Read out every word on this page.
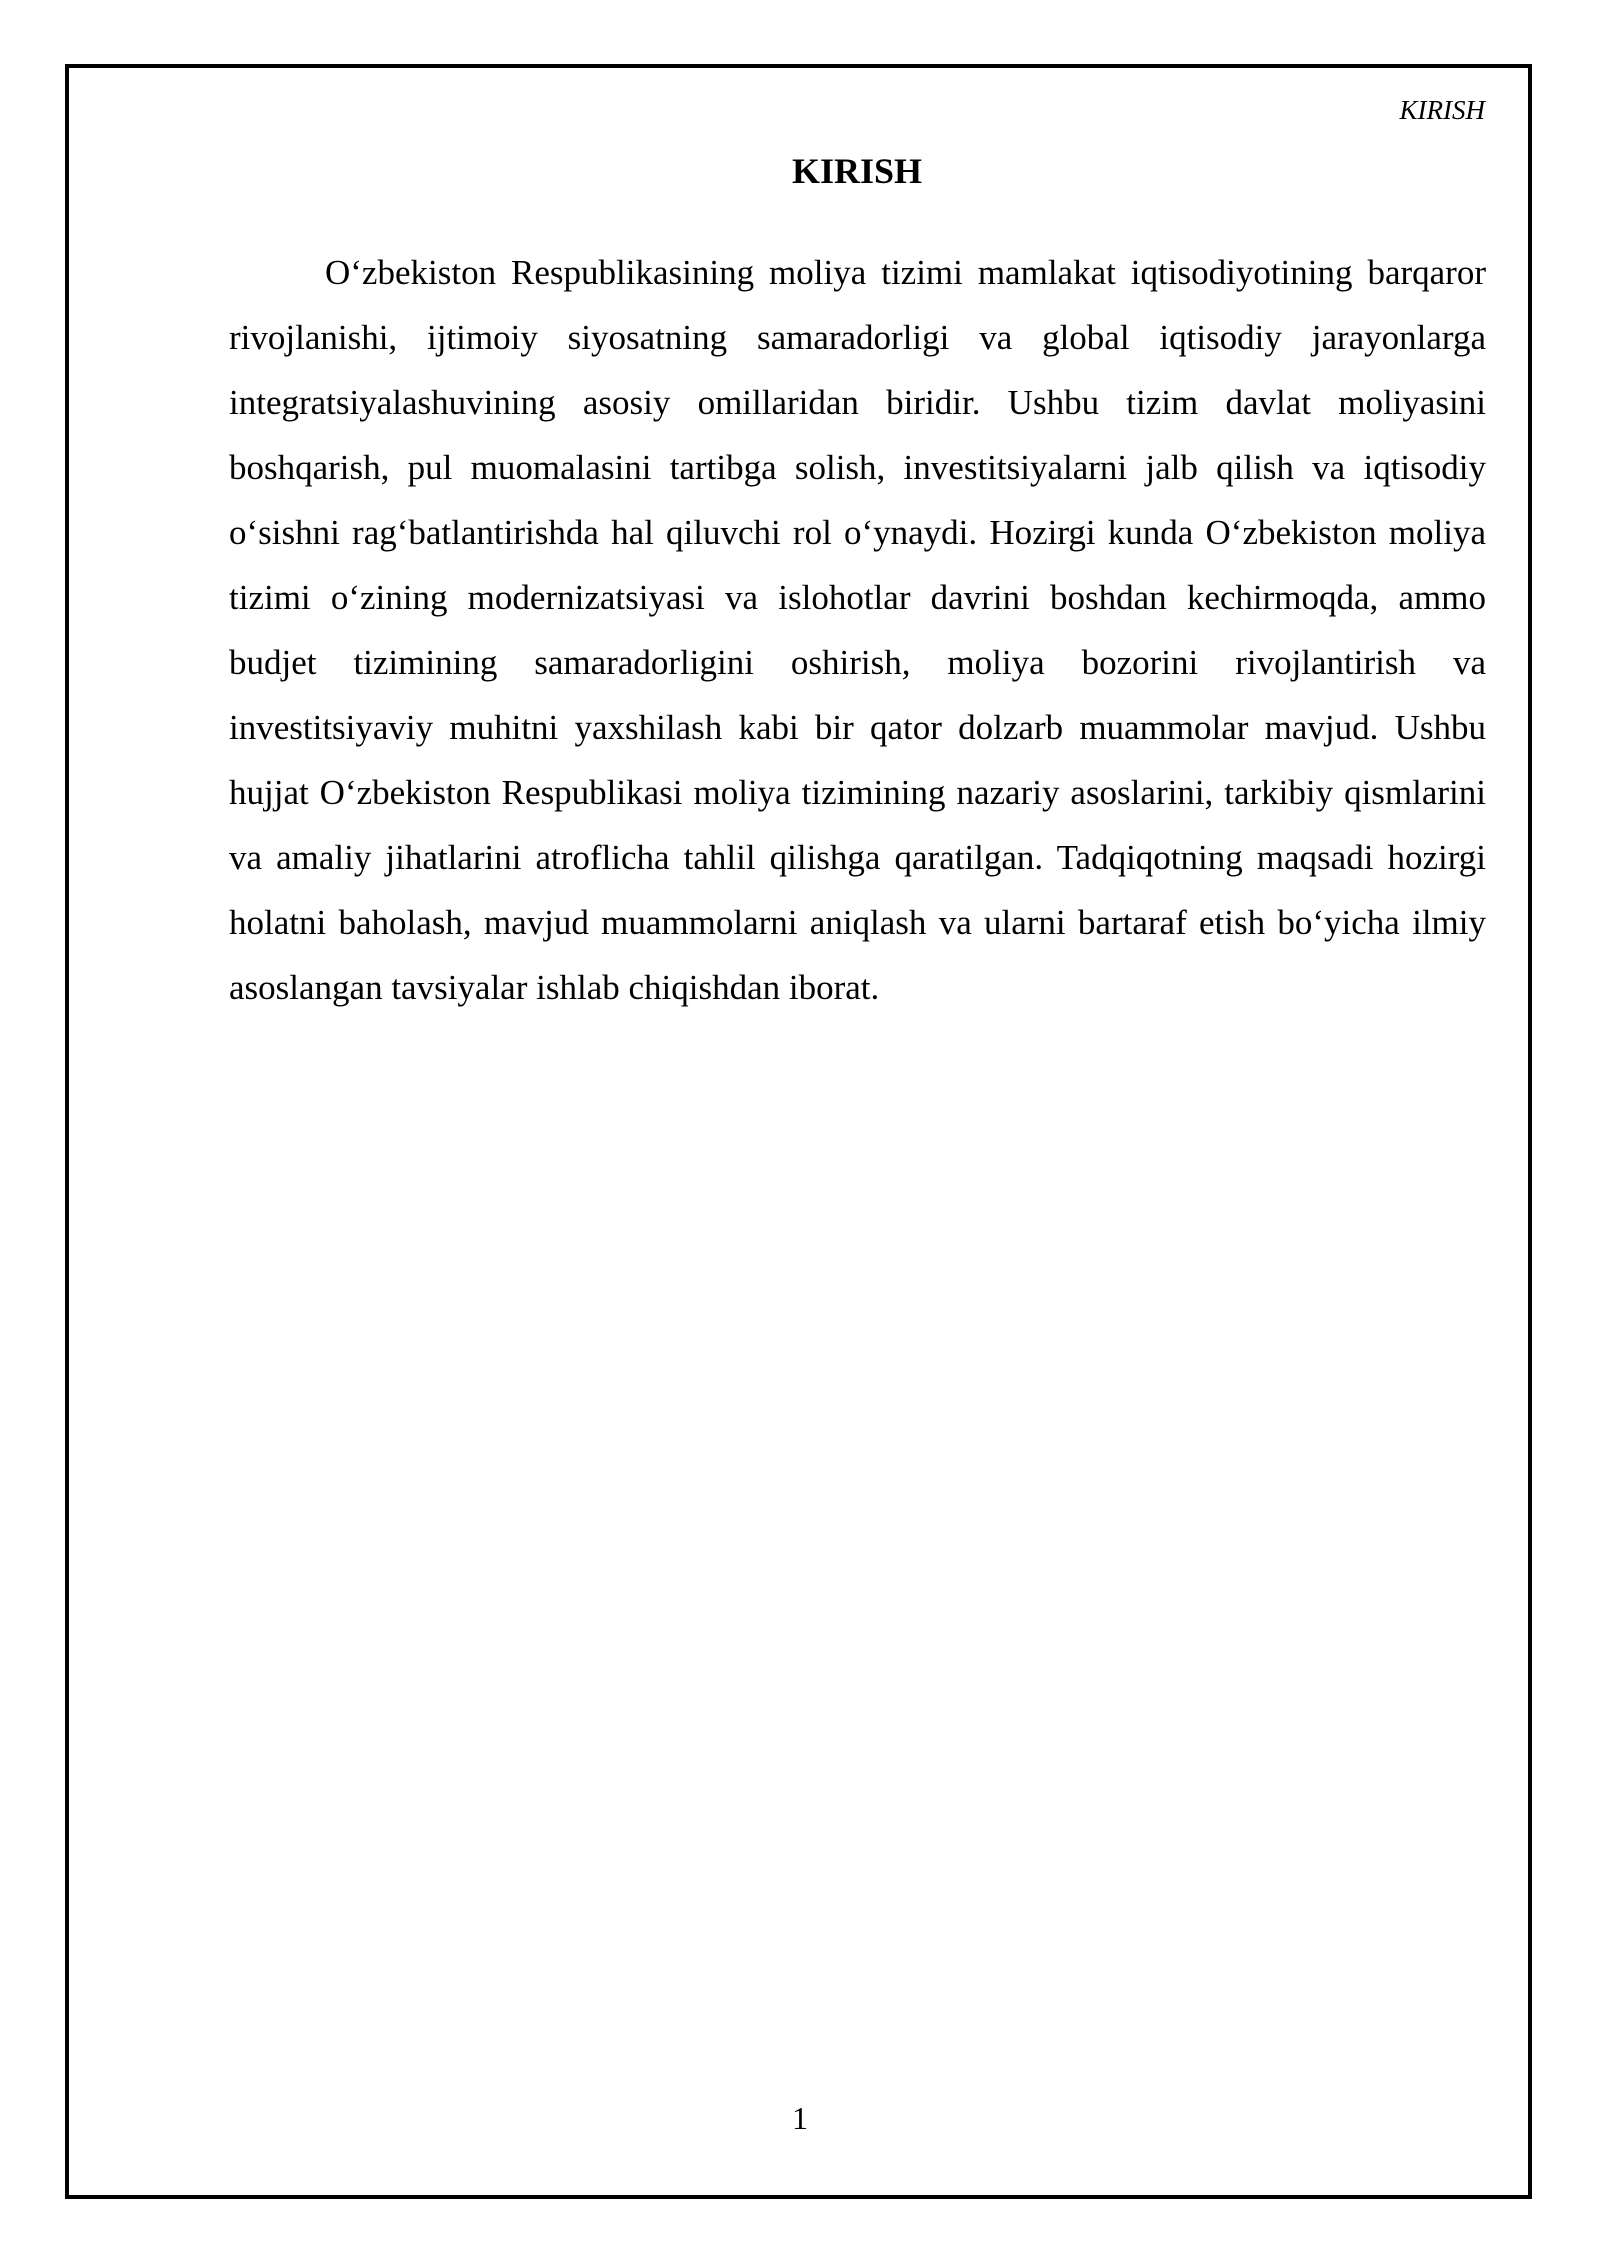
KIRISH
KIRISH

O‘zbekiston Respublikasining moliya tizimi mamlakat iqtisodiyotining barqaror rivojlanishi, ijtimoiy siyosatning samaradorligi va global iqtisodiy jarayonlarga integratsiyalashuvining asosiy omillaridan biridir. Ushbu tizim davlat moliyasini boshqarish, pul muomalasini tartibga solish, investitsiyalarni jalb qilish va iqtisodiy o‘sishni rag‘batlantirishda hal qiluvchi rol o‘ynaydi. Hozirgi kunda O‘zbekiston moliya tizimi o‘zining modernizatsiyasi va islohotlar davrini boshdan kechirmoqda, ammo budjet tizimining samaradorligini oshirish, moliya bozorini rivojlantirish va investitsiyaviy muhitni yaxshilash kabi bir qator dolzarb muammolar mavjud. Ushbu hujjat O‘zbekiston Respublikasi moliya tizimining nazariy asoslarini, tarkibiy qismlarini va amaliy jihatlarini atroflicha tahlil qilishga qaratilgan. Tadqiqotning maqsadi hozirgi holatni baholash, mavjud muammolarni aniqlash va ularni bartaraf etish bo‘yicha ilmiy asoslangan tavsiyalar ishlab chiqishdan iborat.

1
